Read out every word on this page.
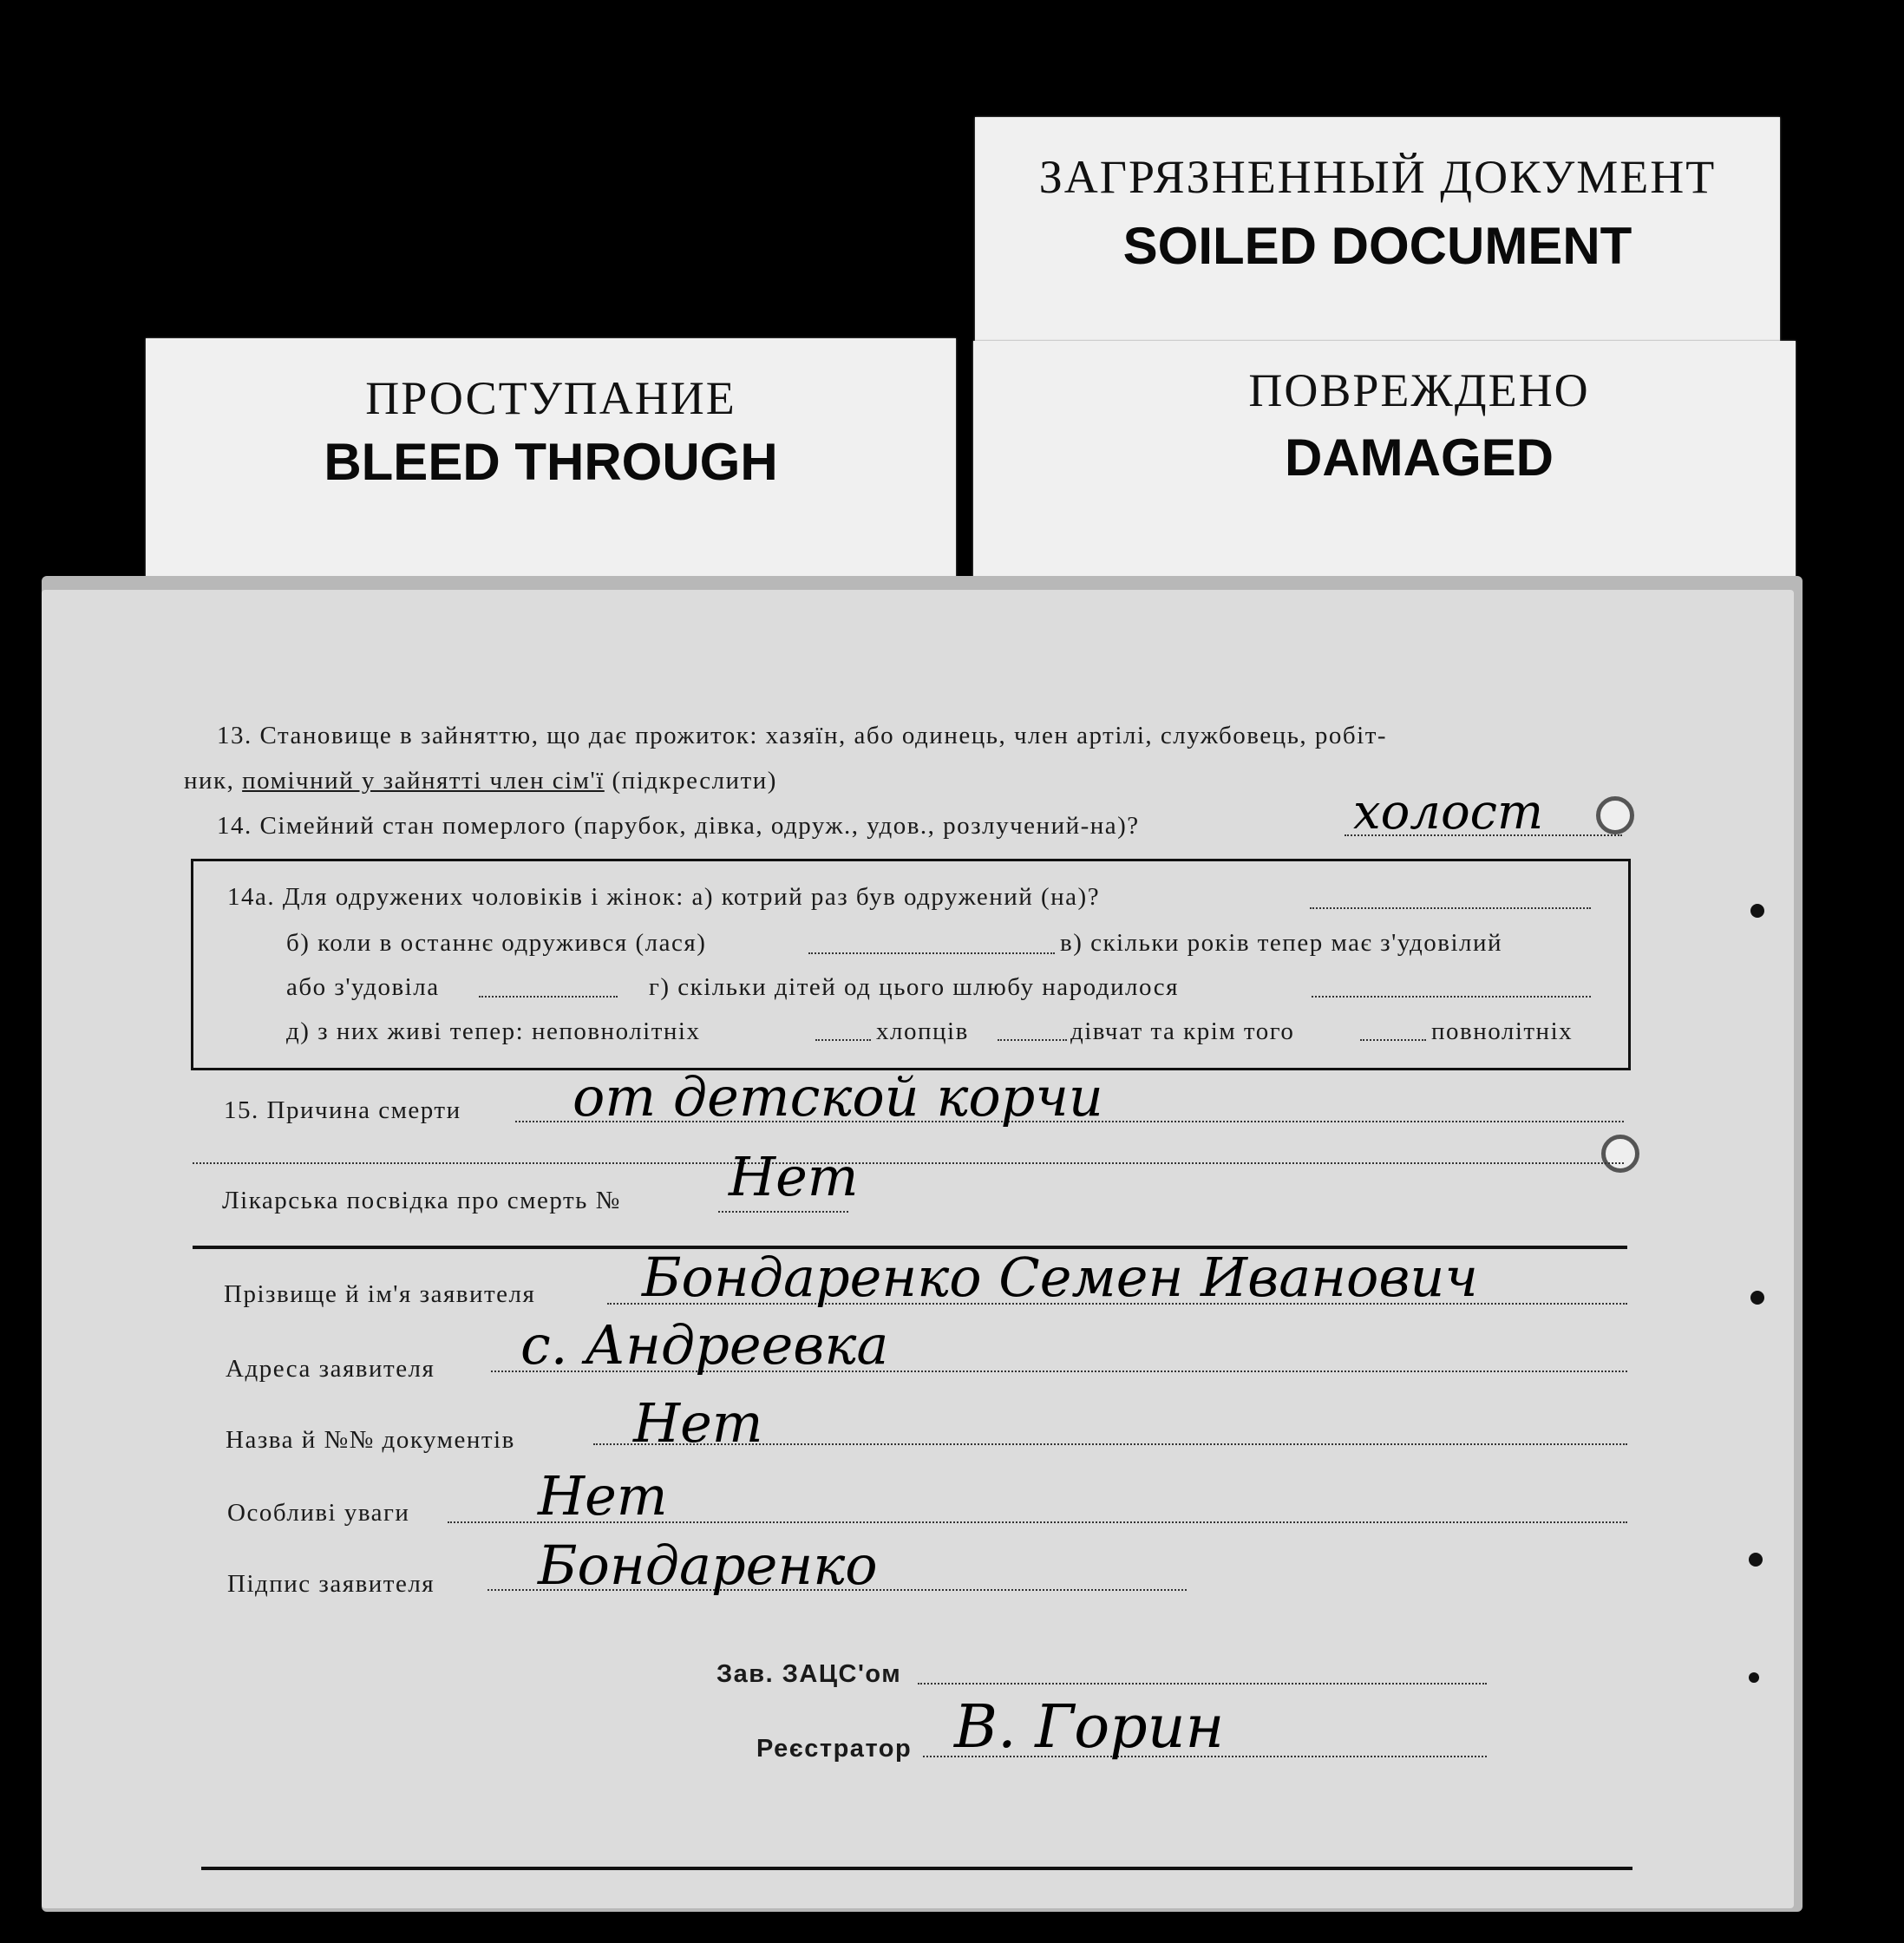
ЗАГРЯЗНЕННЫЙ ДОКУМЕНТ
SOILED DOCUMENT
ПРОСТУПАНИЕ
BLEED THROUGH
ПОВРЕЖДЕНО
DAMAGED
13. Становище в зайняттю, що дає прожиток: хазяїн, або одинець, член артілі, службовець, робіт-
ник, помічний у зайнятті член сім'ї (підкреслити)
14. Сімейний стан померлого (парубок, дівка, одруж., удов., розлучений-на)?	холост
14а. Для одружених чоловіків і жінок: а) котрий раз був одружений (на)?
б) коли в останнє одружився (лася)	в) скільки років тепер має з'удовілий
або з'удовіла	г) скільки дітей од цього шлюбу народилося
д) з них живі тепер: неповнолітніх	хлопців	дівчат та крім того	повнолітніх
15. Причина смерти от детской корчи
Лікарська посвідка про смерть № Нет
Прізвище й ім'я заявителя Бондаренко Семен Иванович
Адреса заявителя с. Андреевка
Назва й №№ документів Нет
Особливі уваги Нет
Підпис заявителя Бондаренко
Зав. ЗАЦС'ом
Реєстратор В. Горин
